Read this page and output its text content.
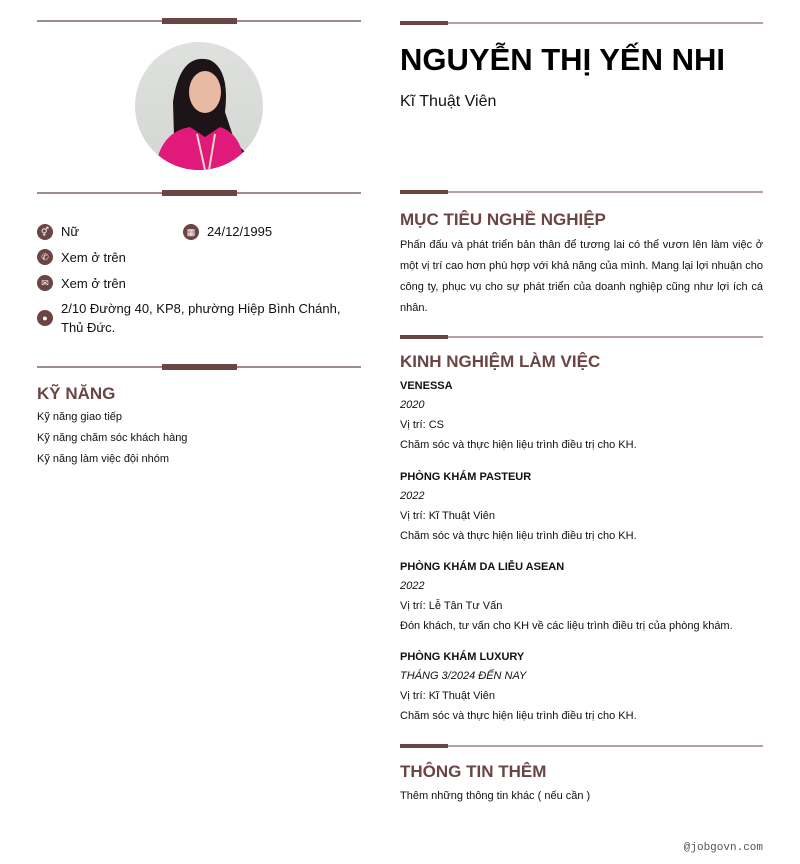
⚥ Nữ	▦ 24/12/1995
✆ Xem ở trên
✉ Xem ở trên
●
2/10 Đường 40, KP8, phường Hiệp Bình Chánh, Thủ Đức.
KỸ NĂNG
Kỹ năng giao tiếp
Kỹ năng chăm sóc khách hàng
Kỹ năng làm việc đội nhóm
NGUYỄN THỊ YẾN NHI
Kĩ Thuật Viên
MỤC TIÊU NGHỀ NGHIỆP
Phấn đấu và phát triển bản thân để tương lai có thể vươn lên làm việc ở một vị trí cao hơn phù hợp với khả năng của mình. Mang lại lợi nhuận cho công ty, phục vụ cho sự phát triển của doanh nghiệp cũng như lợi ích cá nhân.
KINH NGHIỆM LÀM VIỆC
VENESSA
2020
Vị trí: CS
Chăm sóc và thực hiện liệu trình điều trị cho KH.
PHÒNG KHÁM PASTEUR
2022
Vị trí: Kĩ Thuật Viên
Chăm sóc và thực hiện liệu trình điều trị cho KH.
PHÒNG KHÁM DA LIỄU ASEAN
2022
Vị trí: Lễ Tân Tư Vấn
Đón khách, tư vấn cho KH về các liệu trình điều trị của phòng khám.
PHÒNG KHÁM LUXURY
THÁNG 3/2024 ĐẾN NAY
Vị trí: Kĩ Thuật Viên
Chăm sóc và thực hiện liệu trình điều trị cho KH.
THÔNG TIN THÊM
Thêm những thông tin khác ( nếu cần )
@jobgovn.com
